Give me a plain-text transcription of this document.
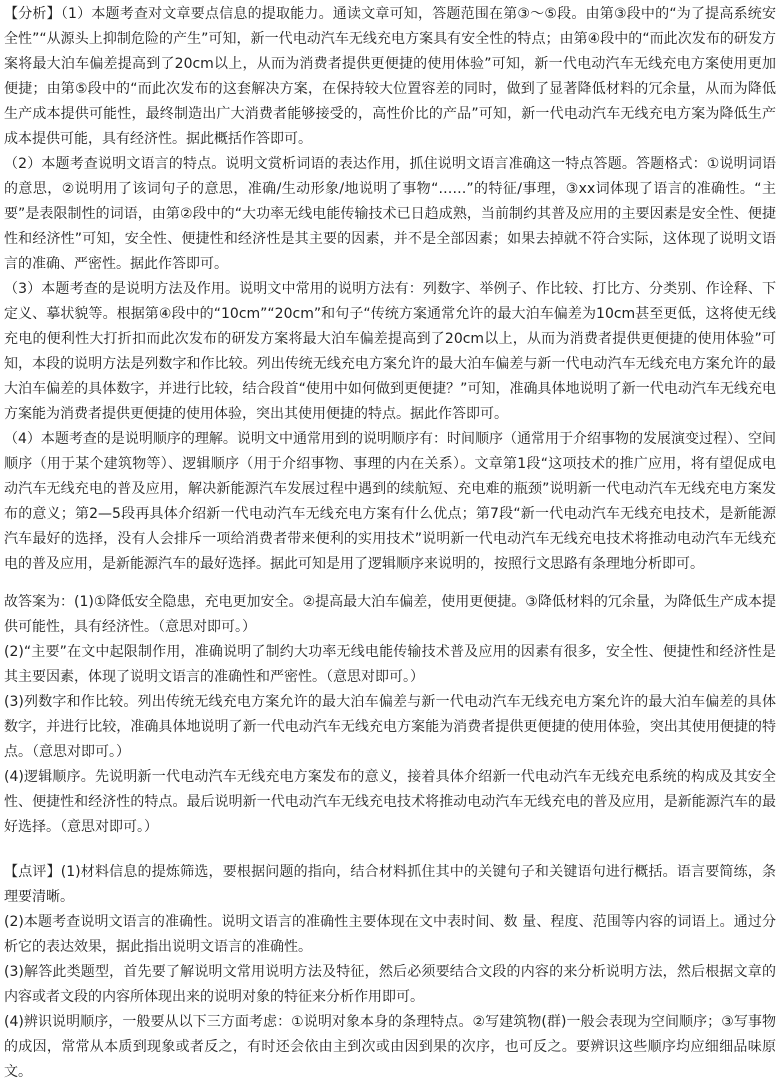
【分析】（1）本题考查对文章要点信息的提取能力。通读文章可知，答题范围在第③～⑤段。由第③段中的“为了提高系统安全性”“从源头上抑制危险的产生”可知，新一代电动汽车无线充电方案具有安全性的特点；由第④段中的“而此次发布的研发方案将最大泊车偏差提高到了20cm以上，从而为消费者提供更便捷的使用体验”可知，新一代电动汽车无线充电方案使用更加便捷；由第⑤段中的“而此次发布的这套解决方案，在保持较大位置容差的同时，做到了显著降低材料的冗余量，从而为降低生产成本提供可能性，最终制造出广大消费者能够接受的，高性价比的产品”可知，新一代电动汽车无线充电方案为降低生产成本提供可能，具有经济性。据此概括作答即可。

（2）本题考查说明文语言的特点。说明文赏析词语的表达作用，抓住说明文语言准确这一特点答题。答题格式：①说明词语的意思，②说明用了该词句子的意思，准确/生动形象/地说明了事物“……”的特征/事理，③xx词体现了语言的准确性。“主要”是表限制性的词语，由第②段中的“大功率无线电能传输技术已日趋成熟，当前制约其普及应用的主要因素是安全性、便捷性和经济性”可知，安全性、便捷性和经济性是其主要的因素，并不是全部因素；如果去掉就不符合实际，这体现了说明文语言的准确、严密性。据此作答即可。

（3）本题考查的是说明方法及作用。说明文中常用的说明方法有：列数字、举例子、作比较、打比方、分类别、作诠释、下定义、摹状貌等。根据第④段中的“10cm”“20cm”和句子“传统方案通常允许的最大泊车偏差为10cm甚至更低，这将使无线充电的便利性大打折扣而此次发布的研发方案将最大泊车偏差提高到了20cm以上，从而为消费者提供更便捷的使用体验”可知，本段的说明方法是列数字和作比较。列出传统无线充电方案允许的最大泊车偏差与新一代电动汽车无线充电方案允许的最大泊车偏差的具体数字，并进行比较，结合段首“使用中如何做到更便捷？”可知，准确具体地说明了新一代电动汽车无线充电方案能为消费者提供更便捷的使用体验，突出其使用便捷的特点。据此作答即可。

（4）本题考查的是说明顺序的理解。说明文中通常用到的说明顺序有：时间顺序（通常用于介绍事物的发展演变过程）、空间顺序（用于某个建筑物等）、逻辑顺序（用于介绍事物、事理的内在关系）。文章第1段“这项技术的推广应用，将有望促成电动汽车无线充电的普及应用，解决新能源汽车发展过程中遇到的续航短、充电难的瓶颈”说明新一代电动汽车无线充电方案发布的意义；第2—5段再具体介绍新一代电动汽车无线充电方案有什么优点；第7段“新一代电动汽车无线充电技术，是新能源汽车最好的选择，没有人会排斥一项给消费者带来便利的实用技术”说明新一代电动汽车无线充电技术将推动电动汽车无线充电的普及应用，是新能源汽车的最好选择。据此可知是用了逻辑顺序来说明的，按照行文思路有条理地分析即可。

故答案为：(1)①降低安全隐患，充电更加安全。②提高最大泊车偏差，使用更便捷。③降低材料的冗余量，为降低生产成本提供可能性，具有经济性。（意思对即可。）

(2)“主要”在文中起限制作用，准确说明了制约大功率无线电能传输技术普及应用的因素有很多，安全性、便捷性和经济性是其主要因素，体现了说明文语言的准确性和严密性。（意思对即可。）

(3)列数字和作比较。列出传统无线充电方案允许的最大泊车偏差与新一代电动汽车无线充电方案允许的最大泊车偏差的具体数字，并进行比较，准确具体地说明了新一代电动汽车无线充电方案能为消费者提供更便捷的使用体验，突出其使用便捷的特点。（意思对即可。）

(4)逻辑顺序。先说明新一代电动汽车无线充电方案发布的意义，接着具体介绍新一代电动汽车无线充电系统的构成及其安全性、便捷性和经济性的特点。最后说明新一代电动汽车无线充电技术将推动电动汽车无线充电的普及应用，是新能源汽车的最好选择。（意思对即可。）

【点评】(1)材料信息的提炼筛选，要根据问题的指向，结合材料抓住其中的关键句子和关键语句进行概括。语言要简练，条理要清晰。

(2)本题考查说明文语言的准确性。说明文语言的准确性主要体现在文中表时间、数 量、程度、范围等内容的词语上。通过分析它的表达效果，据此指出说明文语言的准确性。

(3)解答此类题型，首先要了解说明文常用说明方法及特征，然后必须要结合文段的内容的来分析说明方法，然后根据文章的内容或者文段的内容所体现出来的说明对象的特征来分析作用即可。

(4)辨识说明顺序，一般要从以下三方面考虑：①说明对象本身的条理特点。②写建筑物(群)一般会表现为空间顺序；③写事物的成因，常常从本质到现象或者反之，有时还会依由主到次或由因到果的次序，也可反之。要辨识这些顺序均应细细品味原文。
